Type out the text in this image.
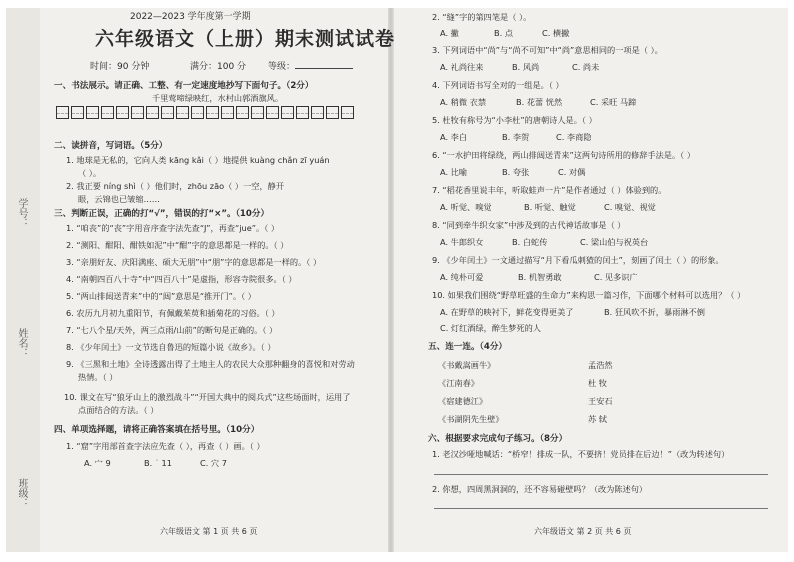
学号：
姓名：
班级：
2022—2023 学年度第一学期
六年级语文（上册）期末测试试卷
时间：90 分钟	满分：100 分 等级：
一、书法展示。请正确、工整、有一定速度地抄写下面句子。（2分）
千里莺啼绿映红，水村山郭酒旗风。
二、读拼音，写词语。（5分）
1. 地球是无私的，它向人类 kāng kǎi（ ）地提供 kuàng chǎn zī yuán
（ ）。
2. 我正要 níng shì（ ）他们时，zhōu zāo（ ）一空，静开
眼，云锦也已皱缩……
三、判断正误，正确的打“√”，错误的打“×”。（10分）
1. “咱丧”的“丧”字用音序查字法先查“J”，再查“jue”。（ ）
2. “测阳、酣阳、酣铁如泥”中“酣”字的意思都是一样的。（ ）
3. “亲朋好友、庆阳满座、硕大无朋”中“朋”字的意思都是一样的。（ ）
4. “南朝四百八十寺”中“四百八十”是虚指，形容寺院很多。（ ）
5. “两山排闼送青来”中的“闼”意思是“推开门”。（ ）
6. 农历九月初九重阳节，有佩戴茱萸和插菊花的习俗。（ ）
7. “七八个星/天外，两三点雨/山前”的断句是正确的。（ ）
8. 《少年闰土》一文节选自鲁迅的短篇小说《故乡》。（ ）
9. 《三黑和土地》全诗透露出得了土地主人的农民大众那种翻身的喜悦和对劳动
热情。（ ）
10. 课文在写“狼牙山上的激烈战斗”“开国大典中的阅兵式”这些场面时，运用了
点面结合的方法。（ ）
四、单项选择题，请将正确答案填在括号里。（10分）
1. “窟”字用部首查字法应先查（ ），再查（ ）画。（ ）
A. 宀 9	B. ˙ 11	C. 穴 7
六年级语文 第 1 页 共 6 页
2. “缝”字的第四笔是（ ）。
A. 撇	B. 点	C. 横撇
3. 下列词语中“尚”与“尚不可知”中“尚”意思相同的一项是（ ）。
A. 礼尚往来	B. 风尚	C. 尚未
4. 下列词语书写全对的一组是。（ ）
A. 稍微 衣禁	B. 花蕾 恍然	C. 采旺 马蹄
5. 杜牧有称号为“小李杜”的唐朝诗人是。（ ）
A. 李白	B. 李贺	C. 李商隐
6. “一水护田将绿绕，两山排闼送青来”这两句诗所用的修辞手法是。（ ）
A. 比喻	B. 夸张	C. 对偶
7. “稻花香里说丰年，听取蛙声一片”是作者通过（ ）体验到的。
A. 听觉、嗅觉	B. 听觉、触觉	C. 嗅觉、视觉
8. “同到牵牛织女家”中涉及到的古代神话故事是（ ）
A. 牛郎织女	B. 白蛇传	C. 梁山伯与祝英台
9. 《少年闰土》一文通过描写“月下看瓜刺猹的闰土”，刻画了闰土（ ）的形象。
A. 纯朴可爱	B. 机智勇敢	C. 见多识广
10. 如果我们围绕“野草旺盛的生命力”来构思一篇习作，下面哪个材料可以选用？（ ）
A. 在野草的映衬下，鲜花变得更美了	B. 狂风吹不折，暴雨淋不倒
C. 灯红酒绿，醉生梦死的人
五、连一连。（4分）
《书戴嵩画牛》
《江南春》
《宿建德江》
《书湖阴先生壁》
孟浩然
杜 牧
王安石
苏 轼
六、根据要求完成句子练习。（8分）
1. 老汉沙哑地喊话：“桥窄！排成一队，不要挤！党员排在后边！”（改为转述句）
2. 你想，四周黑洞洞的，还不容易碰壁吗？（改为陈述句）
六年级语文 第 2 页 共 6 页
